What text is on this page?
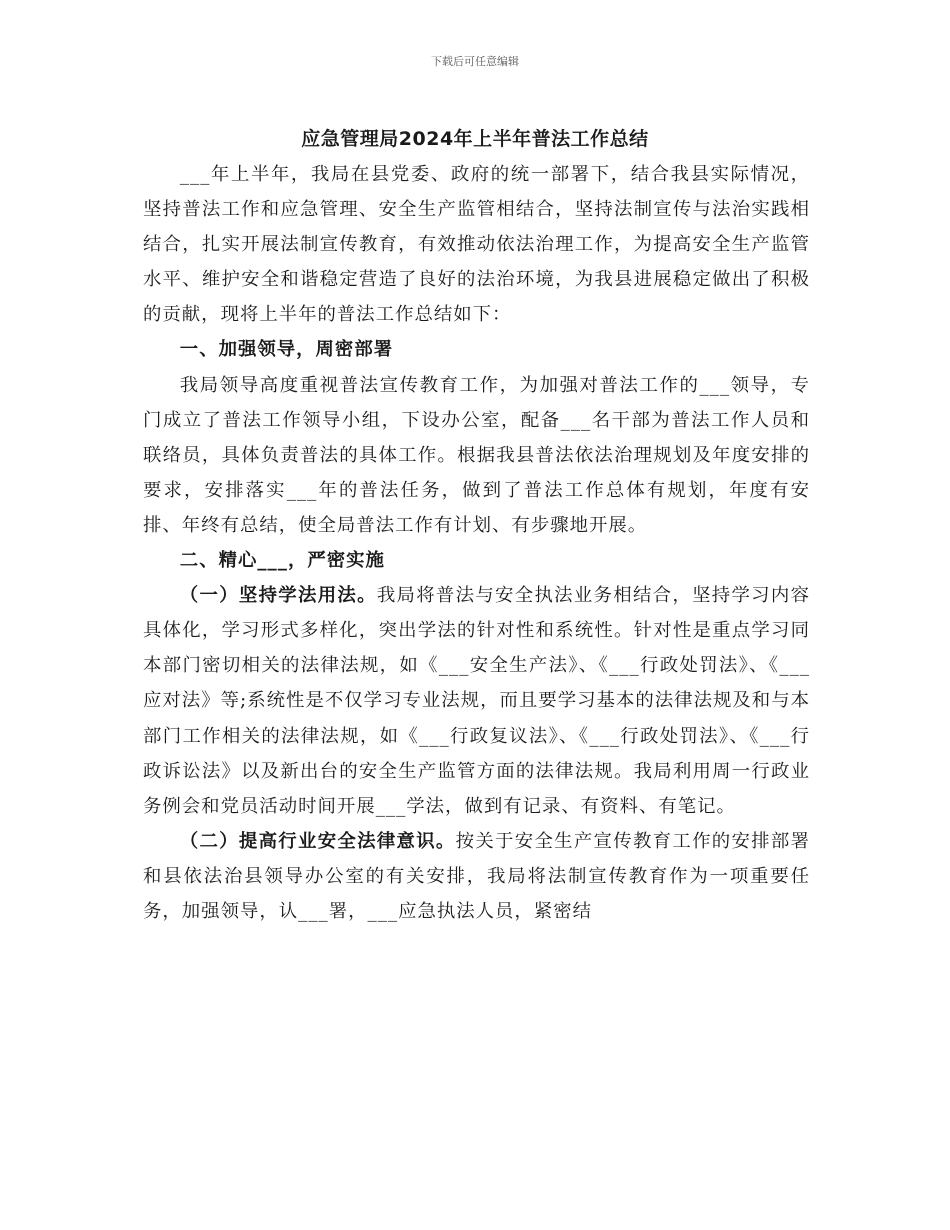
下载后可任意编辑
应急管理局2024年上半年普法工作总结

___年上半年，我局在县党委、政府的统一部署下，结合我县实际情况，坚持普法工作和应急管理、安全生产监管相结合，坚持法制宣传与法治实践相结合，扎实开展法制宣传教育，有效推动依法治理工作，为提高安全生产监管水平、维护安全和谐稳定营造了良好的法治环境，为我县进展稳定做出了积极的贡献，现将上半年的普法工作总结如下：

一、加强领导，周密部署

我局领导高度重视普法宣传教育工作，为加强对普法工作的___领导，专门成立了普法工作领导小组，下设办公室，配备___名干部为普法工作人员和联络员，具体负责普法的具体工作。根据我县普法依法治理规划及年度安排的要求，安排落实___年的普法任务，做到了普法工作总体有规划，年度有安排、年终有总结，使全局普法工作有计划、有步骤地开展。

二、精心___，严密实施

（一）坚持学法用法。我局将普法与安全执法业务相结合，坚持学习内容具体化，学习形式多样化，突出学法的针对性和系统性。针对性是重点学习同本部门密切相关的法律法规，如《___安全生产法》、《___行政处罚法》、《___应对法》等;系统性是不仅学习专业法规，而且要学习基本的法律法规及和与本部门工作相关的法律法规，如《___行政复议法》、《___行政处罚法》、《___行政诉讼法》以及新出台的安全生产监管方面的法律法规。我局利用周一行政业务例会和党员活动时间开展___学法，做到有记录、有资料、有笔记。

（二）提高行业安全法律意识。按关于安全生产宣传教育工作的安排部署和县依法治县领导办公室的有关安排，我局将法制宣传教育作为一项重要任务，加强领导，认___署，___应急执法人员，紧密结
